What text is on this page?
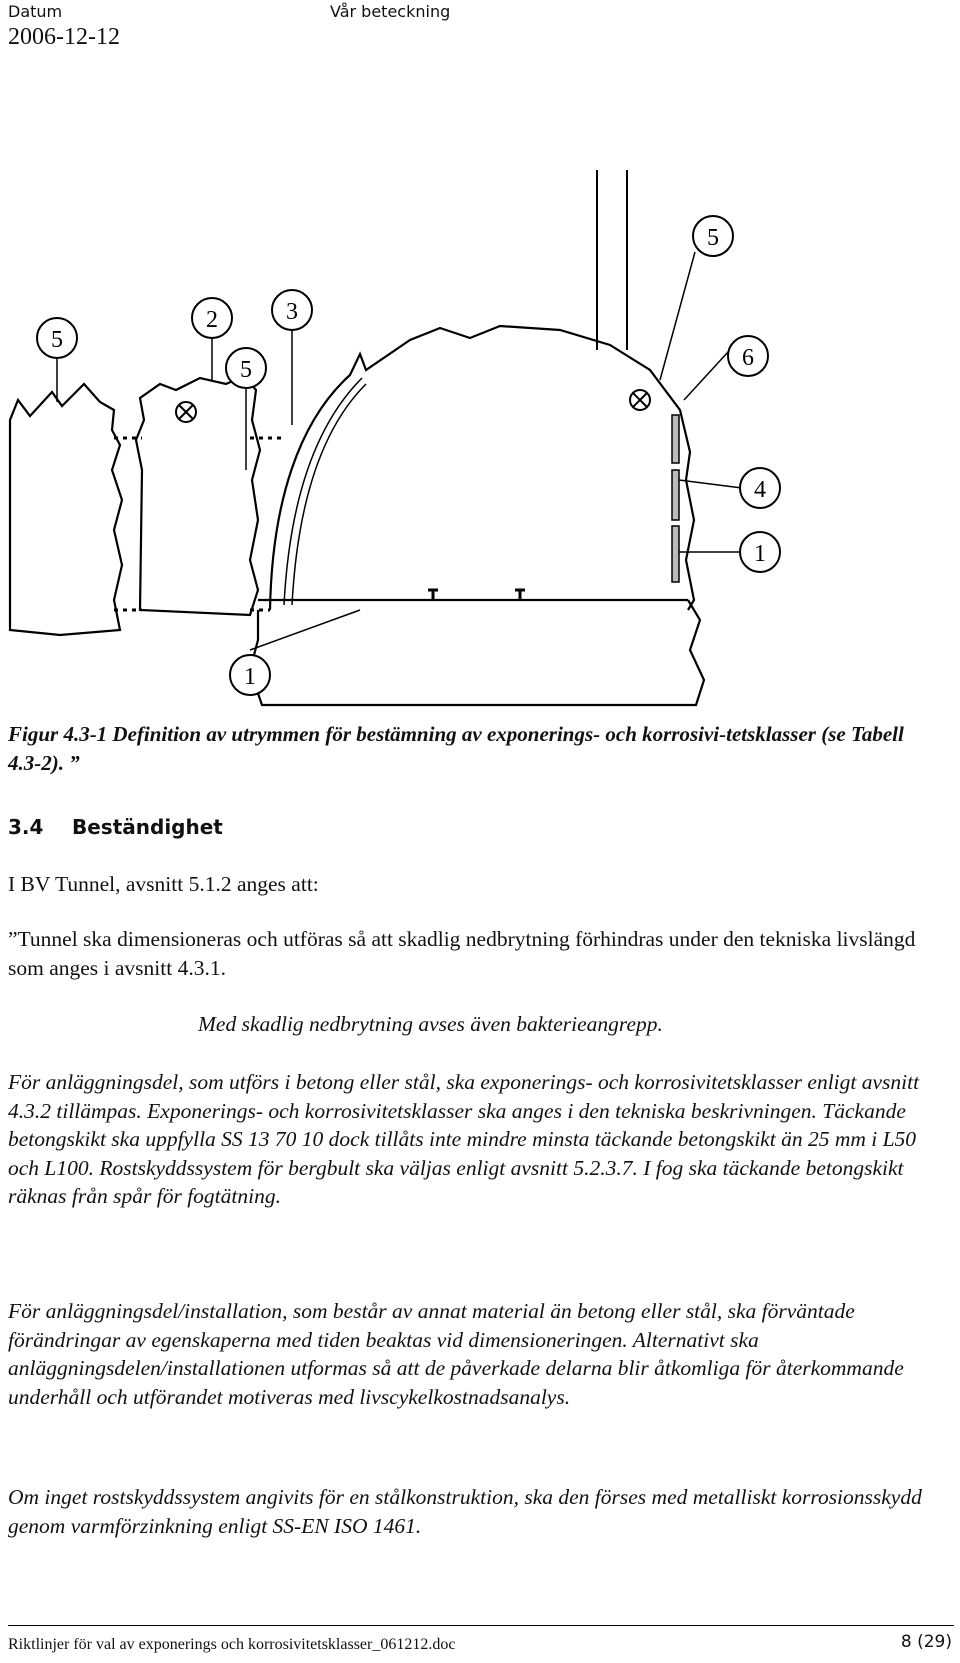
Datum
2006-12-12
Vår beteckning
5
2
5
3
5
6
4
1
1
Figur 4.3-1 Definition av utrymmen för bestämning av exponerings- och korrosivi-tetsklasser (se Tabell 4.3-2). ”
3.4 Beständighet
I BV Tunnel, avsnitt 5.1.2 anges att:
”Tunnel ska dimensioneras och utföras så att skadlig nedbrytning förhindras under den tekniska livslängd som anges i avsnitt 4.3.1.
Med skadlig nedbrytning avses även bakterieangrepp.
För anläggningsdel, som utförs i betong eller stål, ska exponerings- och korrosivitetsklasser enligt avsnitt 4.3.2 tillämpas. Exponerings- och korrosivitetsklasser ska anges i den tekniska beskrivningen. Täckande betongskikt ska uppfylla SS 13 70 10 dock tillåts inte mindre minsta täckande betongskikt än 25 mm i L50 och L100. Rostskyddssystem för bergbult ska väljas enligt avsnitt 5.2.3.7. I fog ska täckande betongskikt räknas från spår för fogtätning.
För anläggningsdel/installation, som består av annat material än betong eller stål, ska förväntade förändringar av egenskaperna med tiden beaktas vid dimensioneringen. Alternativt ska anläggningsdelen/installationen utformas så att de påverkade delarna blir åtkomliga för återkommande underhåll och utförandet motiveras med livscykelkostnadsanalys.
Om inget rostskyddssystem angivits för en stålkonstruktion, ska den förses med metalliskt korrosionsskydd genom varmförzinkning enligt SS-EN ISO 1461.
Riktlinjer för val av exponerings och korrosivitetsklasser_061212.doc	8 (29)
